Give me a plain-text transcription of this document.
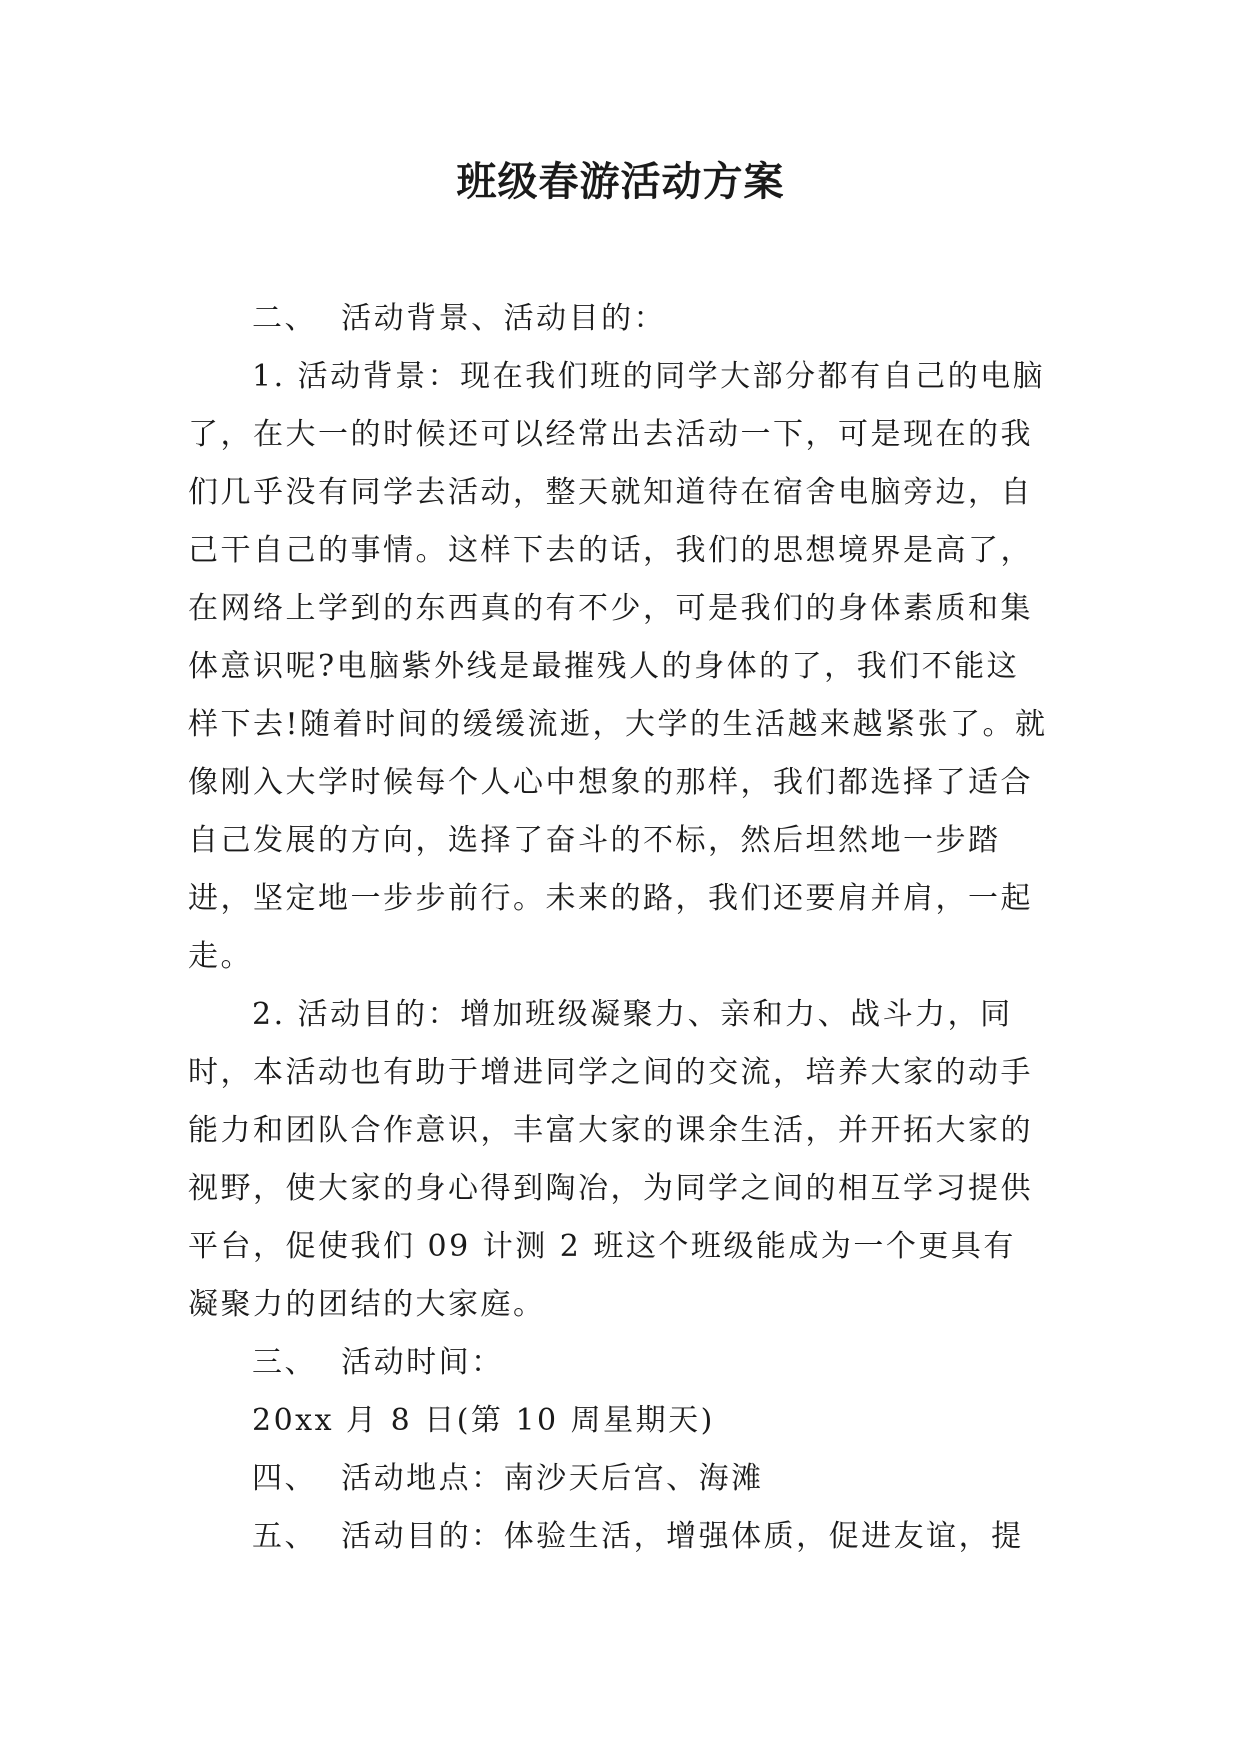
班级春游活动方案

二、  活动背景、活动目的：

1. 活动背景：现在我们班的同学大部分都有自己的电脑了，在大一的时候还可以经常出去活动一下，可是现在的我们几乎没有同学去活动，整天就知道待在宿舍电脑旁边，自己干自己的事情。这样下去的话，我们的思想境界是高了，在网络上学到的东西真的有不少，可是我们的身体素质和集体意识呢?电脑紫外线是最摧残人的身体的了，我们不能这样下去!随着时间的缓缓流逝，大学的生活越来越紧张了。就像刚入大学时候每个人心中想象的那样，我们都选择了适合自己发展的方向，选择了奋斗的不标，然后坦然地一步踏进，坚定地一步步前行。未来的路，我们还要肩并肩，一起走。

2. 活动目的：增加班级凝聚力、亲和力、战斗力，同时，本活动也有助于增进同学之间的交流，培养大家的动手能力和团队合作意识，丰富大家的课余生活，并开拓大家的视野，使大家的身心得到陶冶，为同学之间的相互学习提供平台，促使我们 09 计测 2 班这个班级能成为一个更具有凝聚力的团结的大家庭。

三、  活动时间：

20xx 月 8 日(第 10 周星期天)

四、  活动地点：南沙天后宫、海滩

五、  活动目的：体验生活，增强体质，促进友谊，提
